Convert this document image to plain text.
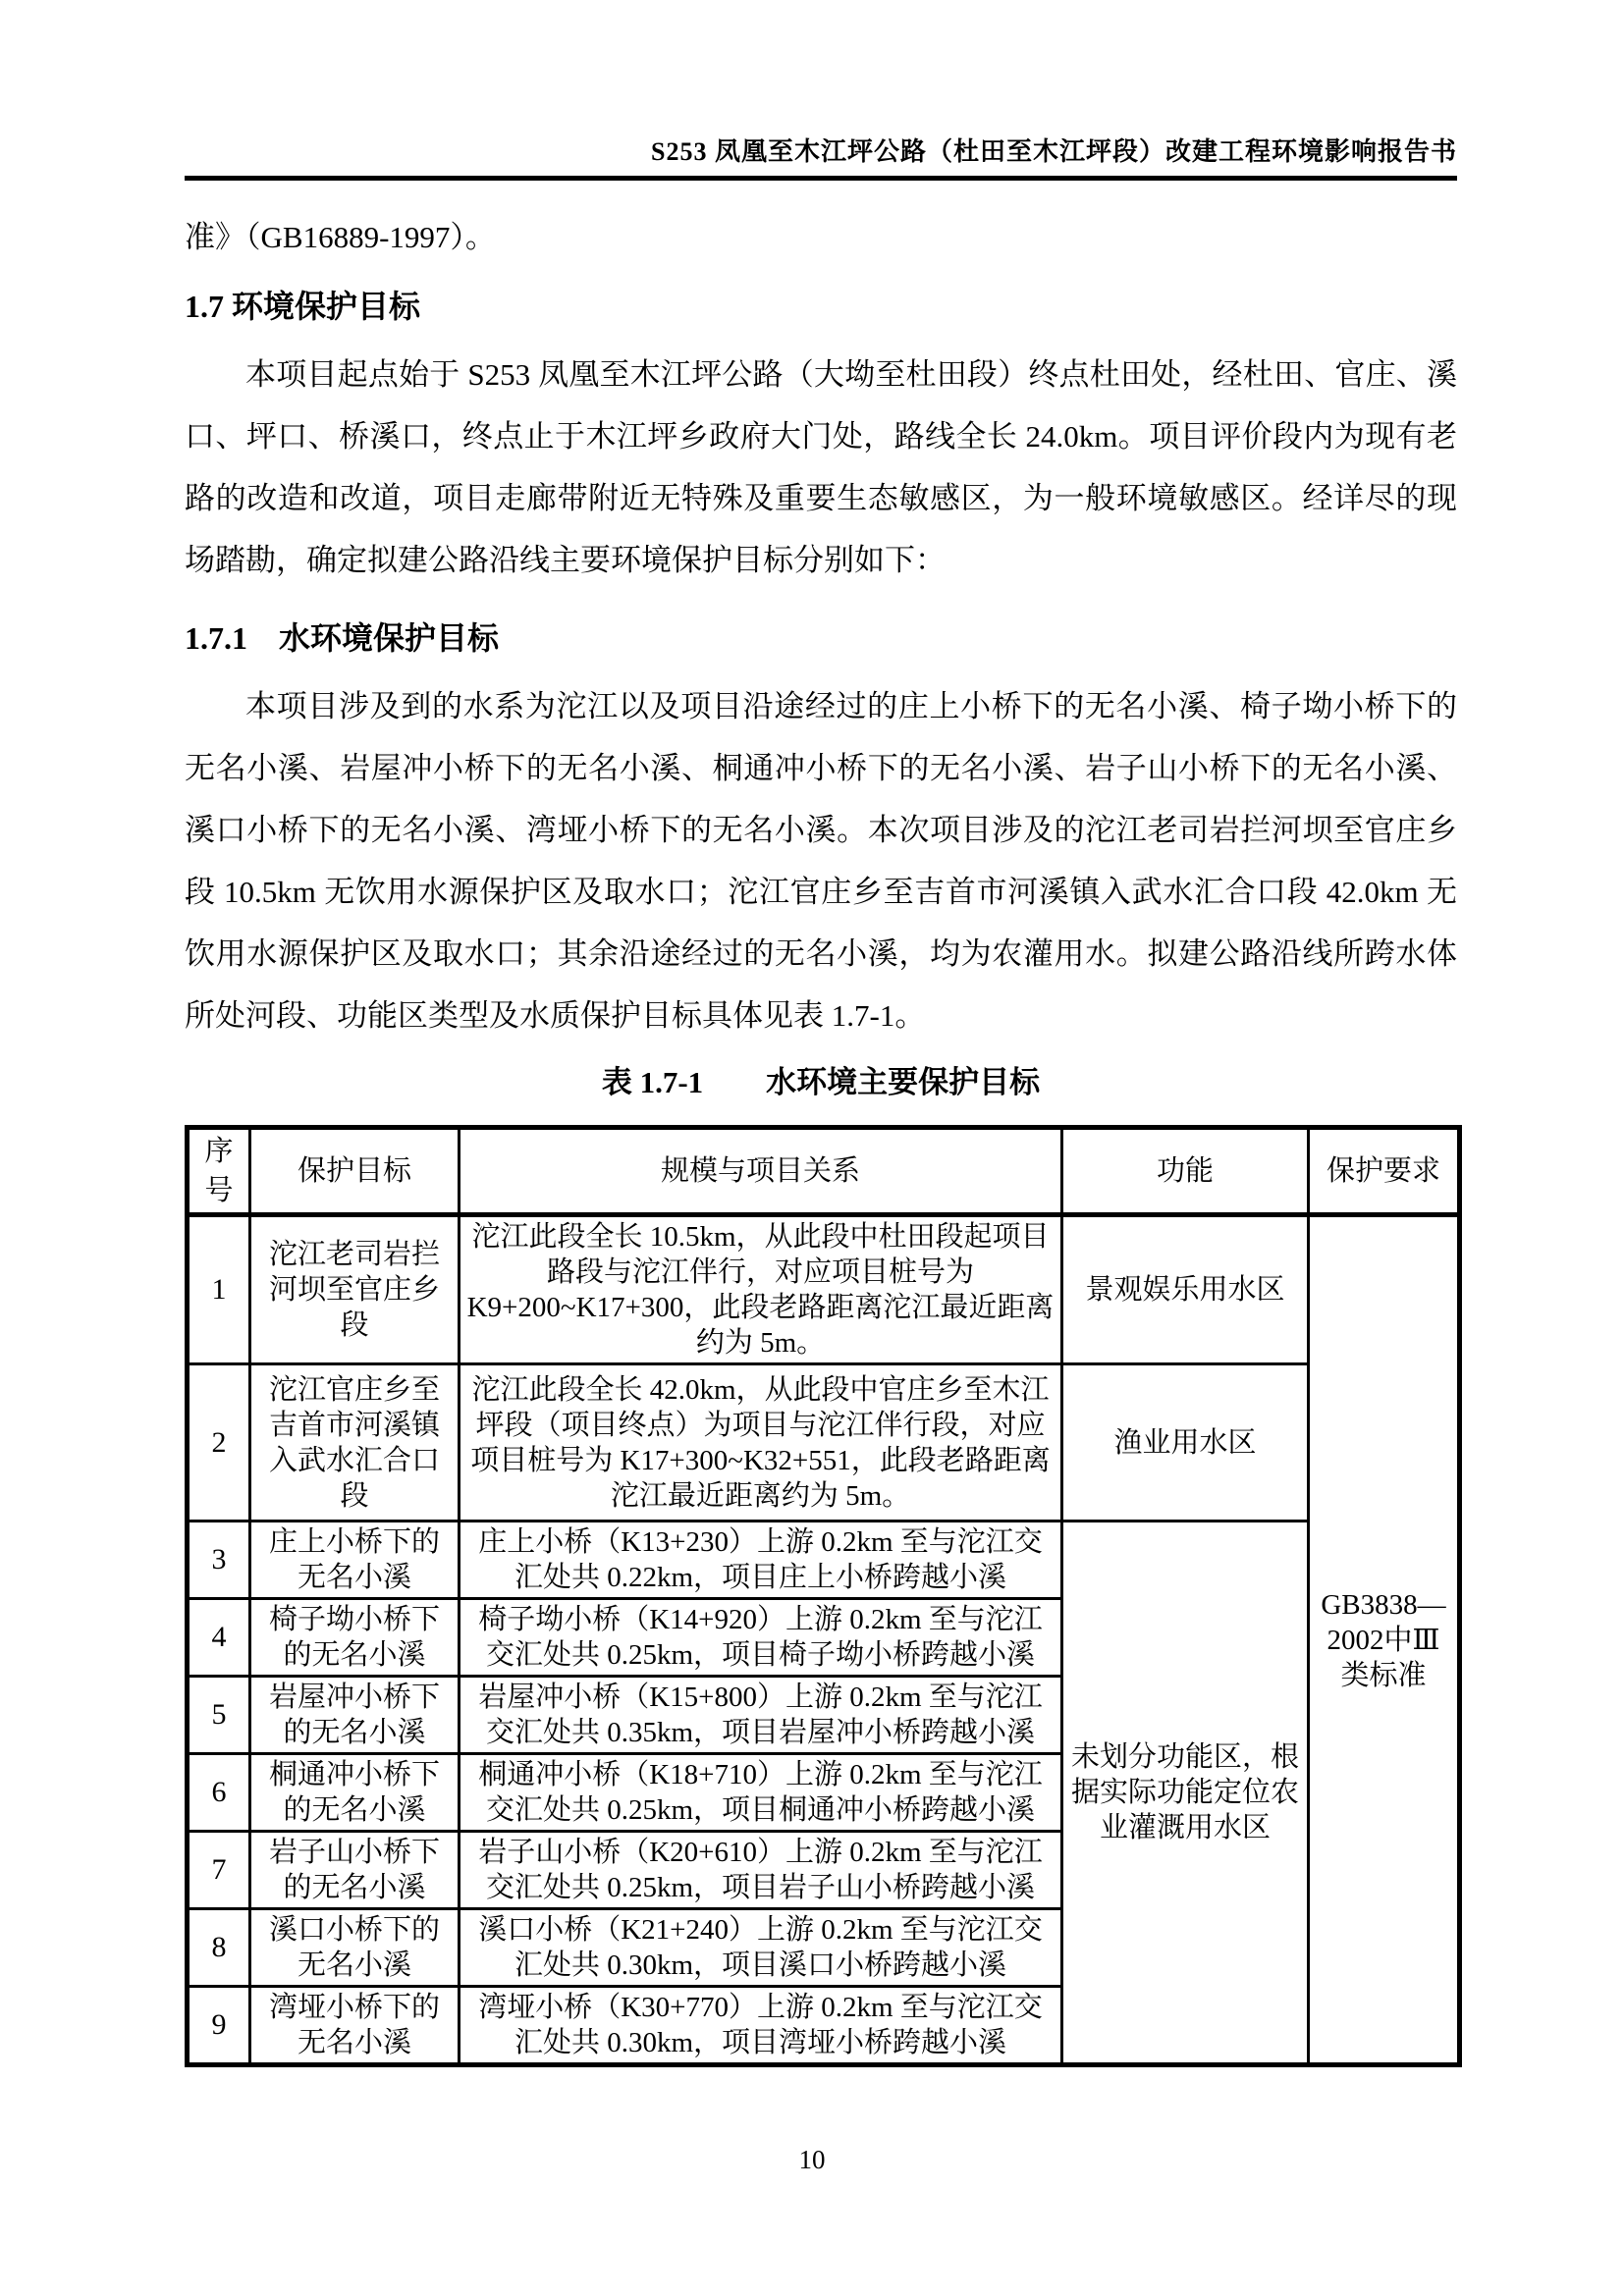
S253 凤凰至木江坪公路（杜田至木江坪段）改建工程环境影响报告书
准》（GB16889-1997）。
1.7 环境保护目标
本项目起点始于 S253 凤凰至木江坪公路（大坳至杜田段）终点杜田处，经杜田、官庄、溪口、坪口、桥溪口，终点止于木江坪乡政府大门处，路线全长 24.0km。项目评价段内为现有老路的改造和改道，项目走廊带附近无特殊及重要生态敏感区，为一般环境敏感区。经详尽的现场踏勘，确定拟建公路沿线主要环境保护目标分别如下：
1.7.1　水环境保护目标
本项目涉及到的水系为沱江以及项目沿途经过的庄上小桥下的无名小溪、椅子坳小桥下的无名小溪、岩屋冲小桥下的无名小溪、桐通冲小桥下的无名小溪、岩子山小桥下的无名小溪、溪口小桥下的无名小溪、湾垭小桥下的无名小溪。本次项目涉及的沱江老司岩拦河坝至官庄乡段 10.5km 无饮用水源保护区及取水口；沱江官庄乡至吉首市河溪镇入武水汇合口段 42.0km 无饮用水源保护区及取水口；其余沿途经过的无名小溪，均为农灌用水。拟建公路沿线所跨水体所处河段、功能区类型及水质保护目标具体见表 1.7-1。
表 1.7-1 水环境主要保护目标
序号	保护目标	规模与项目关系	功能	保护要求
1	沱江老司岩拦河坝至官庄乡段	沱江此段全长 10.5km，从此段中杜田段起项目路段与沱江伴行，对应项目桩号为 K9+200~K17+300，此段老路距离沱江最近距离约为 5m。	景观娱乐用水区	GB3838—2002中Ⅲ类标准
2	沱江官庄乡至吉首市河溪镇入武水汇合口段	沱江此段全长 42.0km，从此段中官庄乡至木江坪段（项目终点）为项目与沱江伴行段，对应项目桩号为 K17+300~K32+551，此段老路距离沱江最近距离约为 5m。	渔业用水区	
3	庄上小桥下的无名小溪	庄上小桥（K13+230）上游 0.2km 至与沱江交汇处共 0.22km，项目庄上小桥跨越小溪	未划分功能区，根据实际功能定位农业灌溉用水区	
4	椅子坳小桥下的无名小溪	椅子坳小桥（K14+920）上游 0.2km 至与沱江交汇处共 0.25km，项目椅子坳小桥跨越小溪		
5	岩屋冲小桥下的无名小溪	岩屋冲小桥（K15+800）上游 0.2km 至与沱江交汇处共 0.35km，项目岩屋冲小桥跨越小溪		
6	桐通冲小桥下的无名小溪	桐通冲小桥（K18+710）上游 0.2km 至与沱江交汇处共 0.25km，项目桐通冲小桥跨越小溪		
7	岩子山小桥下的无名小溪	岩子山小桥（K20+610）上游 0.2km 至与沱江交汇处共 0.25km，项目岩子山小桥跨越小溪		
8	溪口小桥下的无名小溪	溪口小桥（K21+240）上游 0.2km 至与沱江交汇处共 0.30km，项目溪口小桥跨越小溪		
9	湾垭小桥下的无名小溪	湾垭小桥（K30+770）上游 0.2km 至与沱江交汇处共 0.30km，项目湾垭小桥跨越小溪		
10
